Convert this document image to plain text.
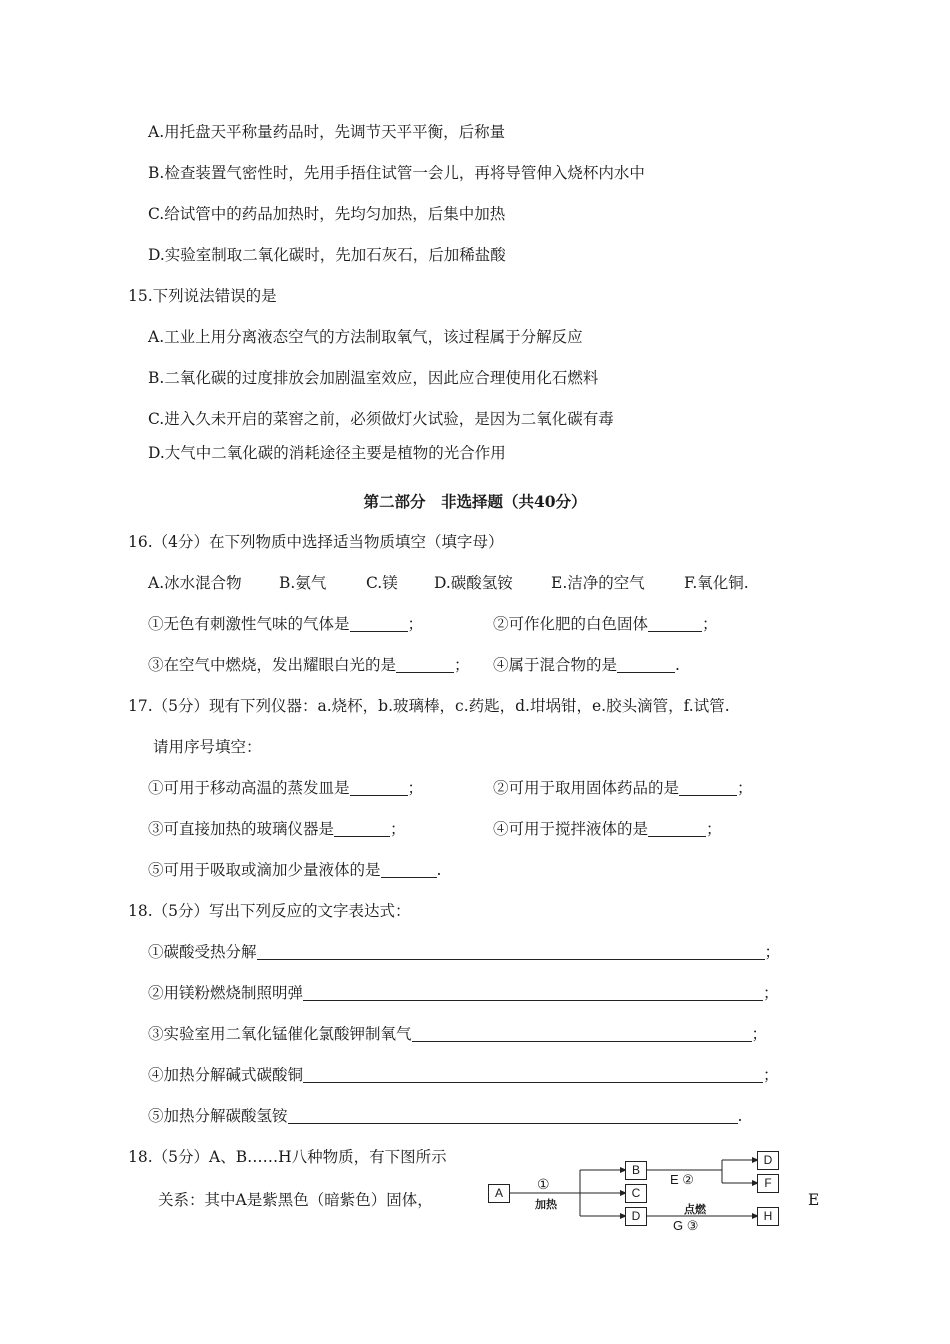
A.用托盘天平称量药品时，先调节天平平衡，后称量
B.检查装置气密性时，先用手捂住试管一会儿，再将导管伸入烧杯内水中
C.给试管中的药品加热时，先均匀加热，后集中加热
D.实验室制取二氧化碳时，先加石灰石，后加稀盐酸
15.下列说法错误的是
A.工业上用分离液态空气的方法制取氧气，该过程属于分解反应
B.二氧化碳的过度排放会加剧温室效应，因此应合理使用化石燃料
C.进入久未开启的菜窖之前，必须做灯火试验，是因为二氧化碳有毒
D.大气中二氧化碳的消耗途径主要是植物的光合作用
第二部分　非选择题（共40分）
16.（4分）在下列物质中选择适当物质填空（填字母）
A.冰水混合物 B.氨气	C.镁 D.碳酸氢铵 E.洁净的空气	F.氧化铜.
①无色有刺激性气味的气体是	；	②可作化肥的白色固体	；
③在空气中燃烧，发出耀眼白光的是	； ④属于混合物的是	.
17.（5分）现有下列仪器：a.烧杯，b.玻璃棒，c.药匙，d.坩埚钳，e.胶头滴管，f.试管.
请用序号填空：
①可用于移动高温的蒸发皿是	；	②可用于取用固体药品的是	；
③可直接加热的玻璃仪器是	；	④可用于搅拌液体的是	；
⑤可用于吸取或滴加少量液体的是	.
18.（5分）写出下列反应的文字表达式：
①碳酸受热分解	；
②用镁粉燃烧制照明弹	；
③实验室用二氧化锰催化氯酸钾制氧气	；
④加热分解碱式碳酸铜	；
⑤加热分解碳酸氢铵	.
18.（5分）A、B……H八种物质，有下图所示
关系：其中A是紫黑色（暗紫色）固体，	E
A
B
C
D
D
F
H
①
加热
E ②
点燃
G ③
